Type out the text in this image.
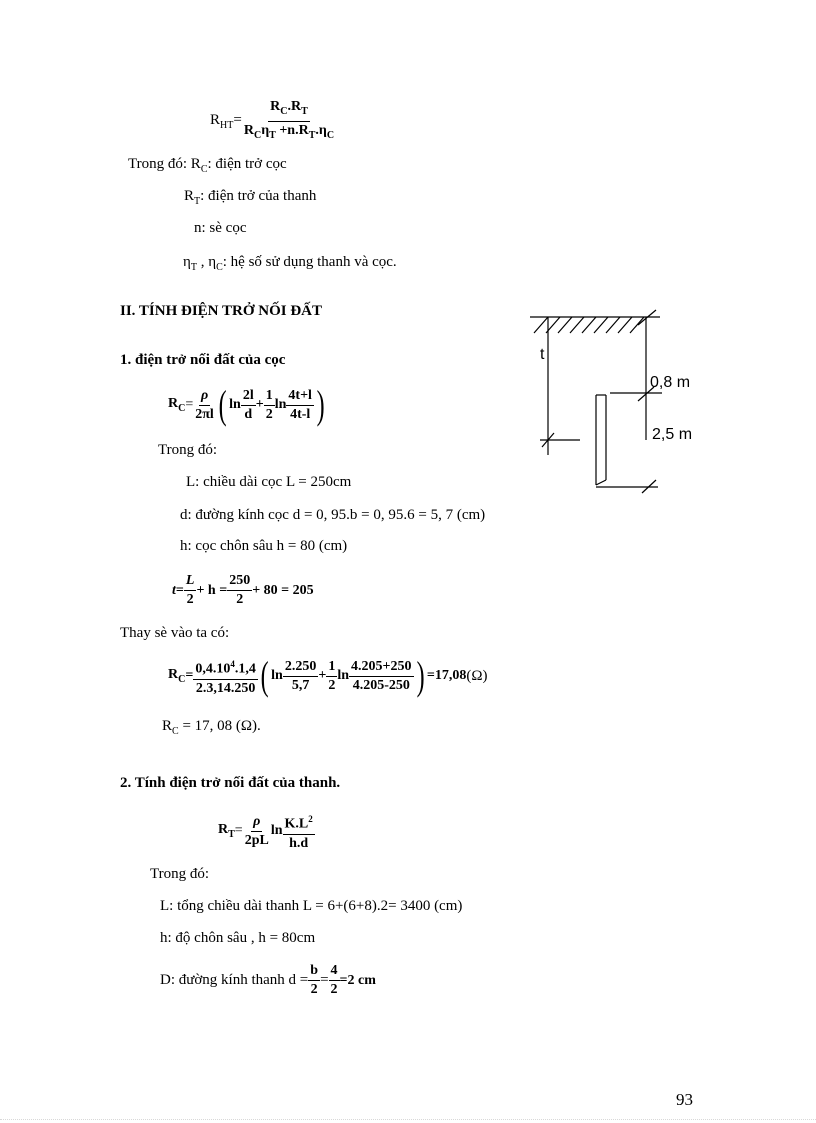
$R_{HT}= \frac{R_C.R_T}{R_C\eta_T +n.R_T.\eta_C}$
Trong đó: $R_C$: điện trở cọc
$R_T$: điện trở của thanh
n: sè cọc
$\eta_T$ , $\eta_C$: hệ số sử dụng thanh và cọc.
II. TÍNH ĐIỆN TRỞ NỐI ĐẤT
1. điện trở nối đất của cọc
$R_C = \frac{\rho}{2\pi l}$ ( $\ln \frac{2l}{d} + \frac{1}{2}$ $\ln \frac{4t+l}{4t-l}$ )
Trong đó:
L: chiều dài cọc L = 250cm
d: đường kính cọc d = 0, 95.b = 0, 95.6 = 5, 7 (cm)
h: cọc chôn sâu h = 80 (cm)
$t = \frac{L}{2} + h = \frac{250}{2} + 80 = 205$
Thay sè vào ta có:
$R_C = \frac{0,4.10^4.1,4}{2.3,14.250}$ ( $\ln \frac{2.250}{5,7} + \frac{1}{2}$ $\ln \frac{4.205+250}{4.205-250}$ ) =17,08 (Ω)
$R_C = 17$, 08 (Ω).
2. Tính điện trở nối đất của thanh.
$R_T = \frac{\rho}{2pL}$ $\ln \frac{K.L^2}{h.d}$
Trong đó:
L: tổng chiều dài thanh L = 6+(6+8).2= 3400 (cm)
h: độ chôn sâu , h = 80cm
D: đường kính thanh $d = \frac{b}{2} = \frac{4}{2} =2$ cm
t
0,8 m
2,5 m
93
